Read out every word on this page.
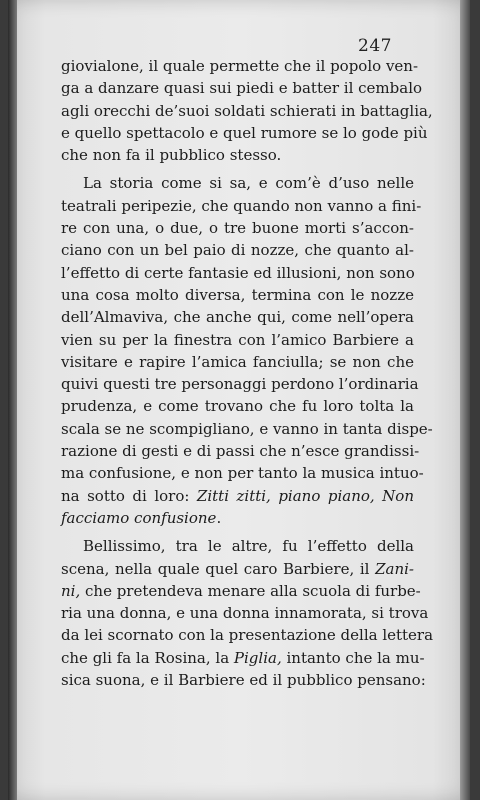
247
giovialone, il quale permette che il popolo ven-
ga a danzare quasi sui piedi e batter il cembalo
agli orecchi de’suoi soldati schierati in battaglia,
e quello spettacolo e quel rumore se lo gode più
che non fa il pubblico stesso.
La storia come si sa, e com’è d’uso nelle
teatrali peripezie, che quando non vanno a fini-
re con una, o due, o tre buone morti s’accon-
ciano con un bel paio di nozze, che quanto al-
l’effetto di certe fantasie ed illusioni, non sono
una cosa molto diversa, termina con le nozze
dell’Almaviva, che anche qui, come nell’opera
vien su per la finestra con l’amico Barbiere a
visitare e rapire l’amica fanciulla; se non che
quivi questi tre personaggi perdono l’ordinaria
prudenza, e come trovano che fu loro tolta la
scala se ne scompigliano, e vanno in tanta dispe-
razione di gesti e di passi che n’esce grandissi-
ma confusione, e non per tanto la musica intuo-
na sotto di loro: Zitti zitti, piano piano, Non
facciamo confusione.
Bellissimo, tra le altre, fu l’effetto della
scena, nella quale quel caro Barbiere, il Zani-
ni, che pretendeva menare alla scuola di furbe-
ria una donna, e una donna innamorata, si trova
da lei scornato con la presentazione della lettera
che gli fa la Rosina, la Piglia, intanto che la mu-
sica suona, e il Barbiere ed il pubblico pensano:
